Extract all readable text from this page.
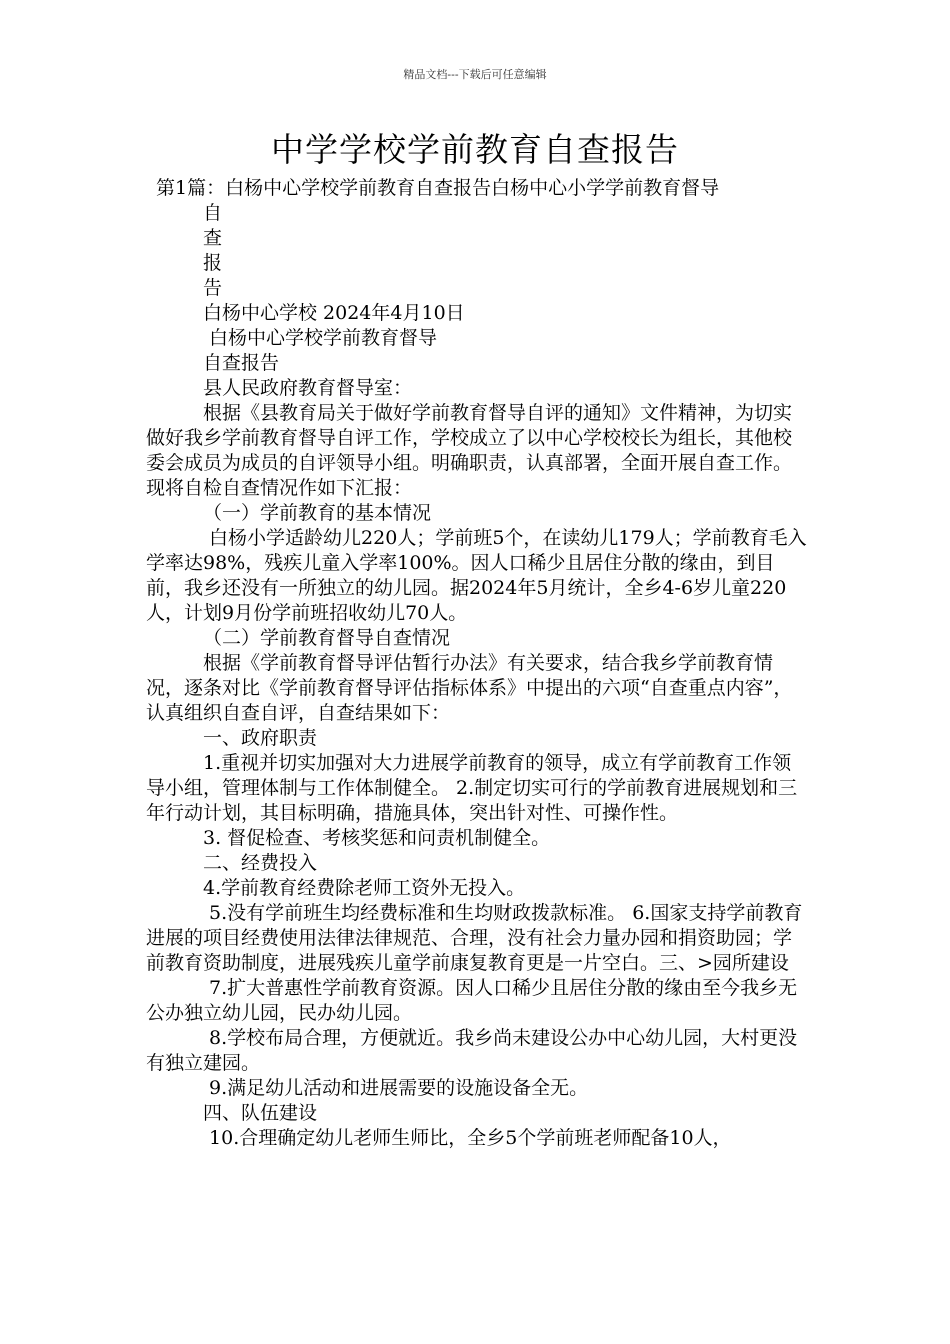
精品文档---下载后可任意编辑
中学学校学前教育自查报告

第1篇：白杨中心学校学前教育自查报告白杨中心小学学前教育督导

自

查

报

告

白杨中心学校 2024年4月10日

白杨中心学校学前教育督导

自查报告

县人民政府教育督导室：

根据《县教育局关于做好学前教育督导自评的通知》文件精神，为切实做好我乡学前教育督导自评工作，学校成立了以中心学校校长为组长，其他校委会成员为成员的自评领导小组。明确职责，认真部署，全面开展自查工作。现将自检自查情况作如下汇报：

（一）学前教育的基本情况

白杨小学适龄幼儿220人；学前班5个，在读幼儿179人；学前教育毛入学率达98%，残疾儿童入学率100%。因人口稀少且居住分散的缘由，到目前，我乡还没有一所独立的幼儿园。据2024年5月统计，全乡4-6岁儿童220人，计划9月份学前班招收幼儿70人。

（二）学前教育督导自查情况

根据《学前教育督导评估暂行办法》有关要求，结合我乡学前教育情况，逐条对比《学前教育督导评估指标体系》中提出的六项“自查重点内容”， 认真组织自查自评，自查结果如下：

一、政府职责

1.重视并切实加强对大力进展学前教育的领导，成立有学前教育工作领导小组，管理体制与工作体制健全。 2.制定切实可行的学前教育进展规划和三年行动计划，其目标明确，措施具体，突出针对性、可操作性。

3. 督促检查、考核奖惩和问责机制健全。

二、经费投入

4.学前教育经费除老师工资外无投入。

5.没有学前班生均经费标准和生均财政拨款标准。 6.国家支持学前教育进展的项目经费使用法律法律规范、合理，没有社会力量办园和捐资助园；学前教育资助制度，进展残疾儿童学前康复教育更是一片空白。三、>园所建设

7.扩大普惠性学前教育资源。因人口稀少且居住分散的缘由至今我乡无公办独立幼儿园，民办幼儿园。

8.学校布局合理，方便就近。我乡尚未建设公办中心幼儿园，大村更没有独立建园。

9.满足幼儿活动和进展需要的设施设备全无。

四、队伍建设

10.合理确定幼儿老师生师比，全乡5个学前班老师配备10人，
